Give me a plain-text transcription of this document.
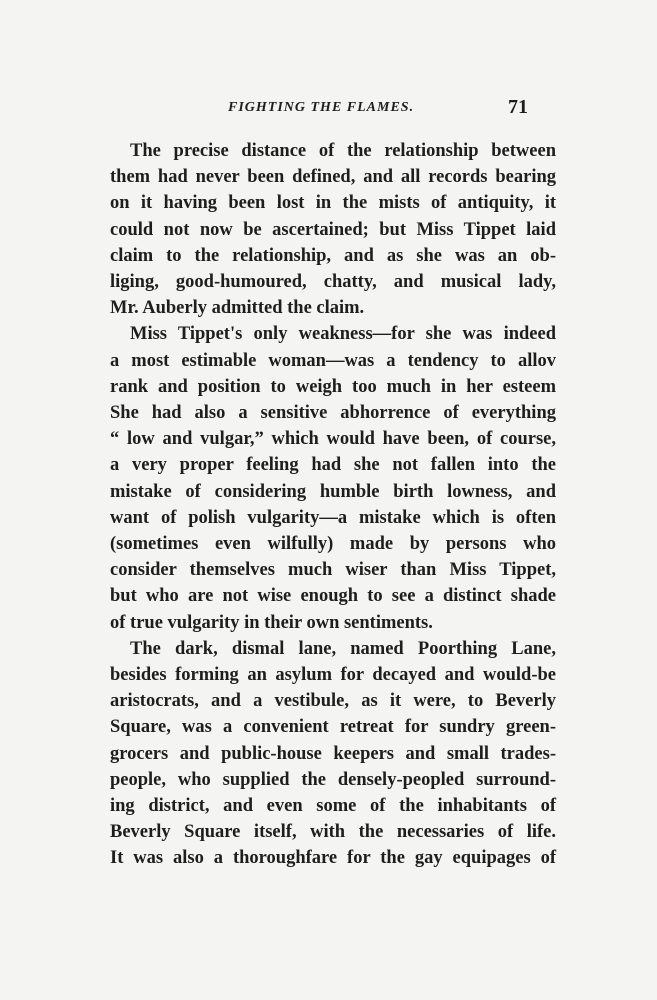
FIGHTING THE FLAMES.	71

The precise distance of the relationship between
them had never been defined, and all records bearing
on it having been lost in the mists of antiquity, it
could not now be ascertained; but Miss Tippet laid
claim to the relationship, and as she was an ob-
liging, good-humoured, chatty, and musical lady,
Mr. Auberly admitted the claim.

Miss Tippet's only weakness—for she was indeed
a most estimable woman—was a tendency to allov
rank and position to weigh too much in her esteem
She had also a sensitive abhorrence of everything
“ low and vulgar,” which would have been, of course,
a very proper feeling had she not fallen into the
mistake of considering humble birth lowness, and
want of polish vulgarity—a mistake which is often
(sometimes even wilfully) made by persons who
consider themselves much wiser than Miss Tippet,
but who are not wise enough to see a distinct shade
of true vulgarity in their own sentiments.

The dark, dismal lane, named Poorthing Lane,
besides forming an asylum for decayed and would-be
aristocrats, and a vestibule, as it were, to Beverly
Square, was a convenient retreat for sundry green-
grocers and public-house keepers and small trades-
people, who supplied the densely-peopled surround-
ing district, and even some of the inhabitants of
Beverly Square itself, with the necessaries of life.
It was also a thoroughfare for the gay equipages of
